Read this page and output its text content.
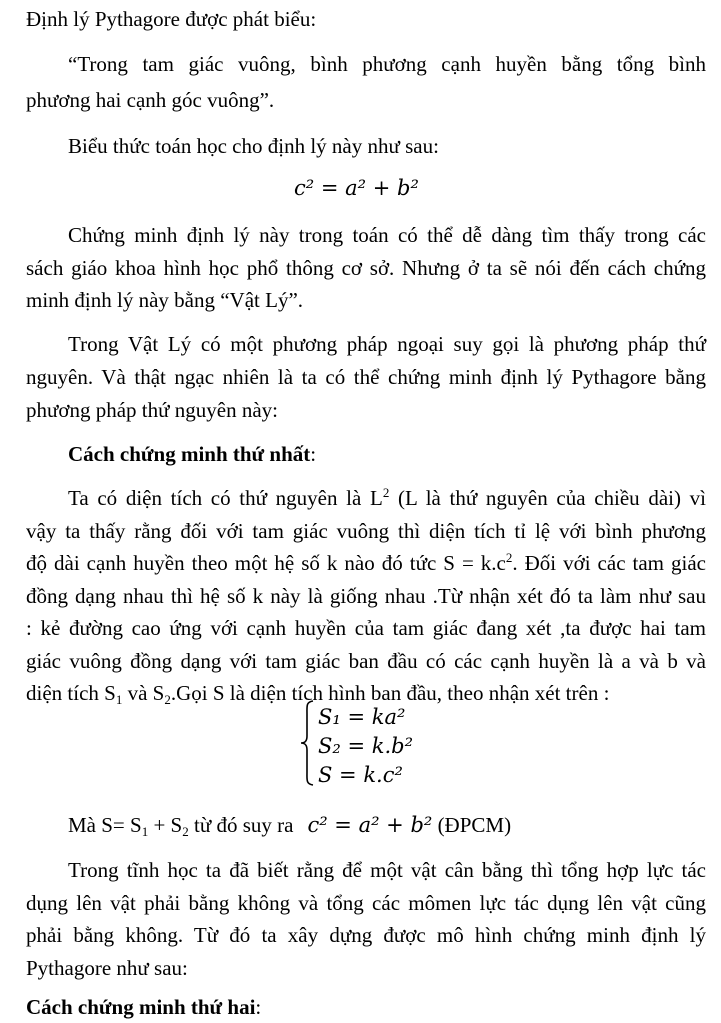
Định lý Pythagore được phát biểu:
“Trong tam giác vuông, bình phương cạnh huyền bằng tổng bình
phương hai cạnh góc vuông”.
Biểu thức toán học cho định lý này như sau:
c² = a² + b²
Chứng minh định lý này trong toán có thể dễ dàng tìm thấy trong các
sách giáo khoa hình học phổ thông cơ sở. Nhưng ở ta sẽ nói đến cách chứng
minh định lý này bằng “Vật Lý”.
Trong Vật Lý có một phương pháp ngoại suy gọi là phương pháp thứ
nguyên. Và thật ngạc nhiên là ta có thể chứng minh định lý Pythagore bằng
phương pháp thứ nguyên này:
Cách chứng minh thứ nhất:
Ta có diện tích có thứ nguyên là $L^2$ (L là thứ nguyên của chiều dài) vì
vậy ta thấy rằng đối với tam giác vuông thì diện tích tỉ lệ với bình phương
độ dài cạnh huyền theo một hệ số k nào đó tức $S = k.c^2$. Đối với các tam giác
đồng dạng nhau thì hệ số k này là giống nhau .Từ nhận xét đó ta làm như sau
: kẻ đường cao ứng với cạnh huyền của tam giác đang xét ,ta được hai tam
giác vuông đồng dạng với tam giác ban đầu có các cạnh huyền là a và b và
diện tích $S_1$ và $S_2.Gọi$ S là diện tích hình ban đầu, theo nhận xét trên :
S₁ = ka²
S₂ = k.b²
S = k.c²
Mà $S= S_1 + S_2$ từ đó suy ra c² = a² + b² (ĐPCM)
Trong tĩnh học ta đã biết rằng để một vật cân bằng thì tổng hợp lực tác
dụng lên vật phải bằng không và tổng các mômen lực tác dụng lên vật cũng
phải bằng không. Từ đó ta xây dựng được mô hình chứng minh định lý
Pythagore như sau:
Cách chứng minh thứ hai:
